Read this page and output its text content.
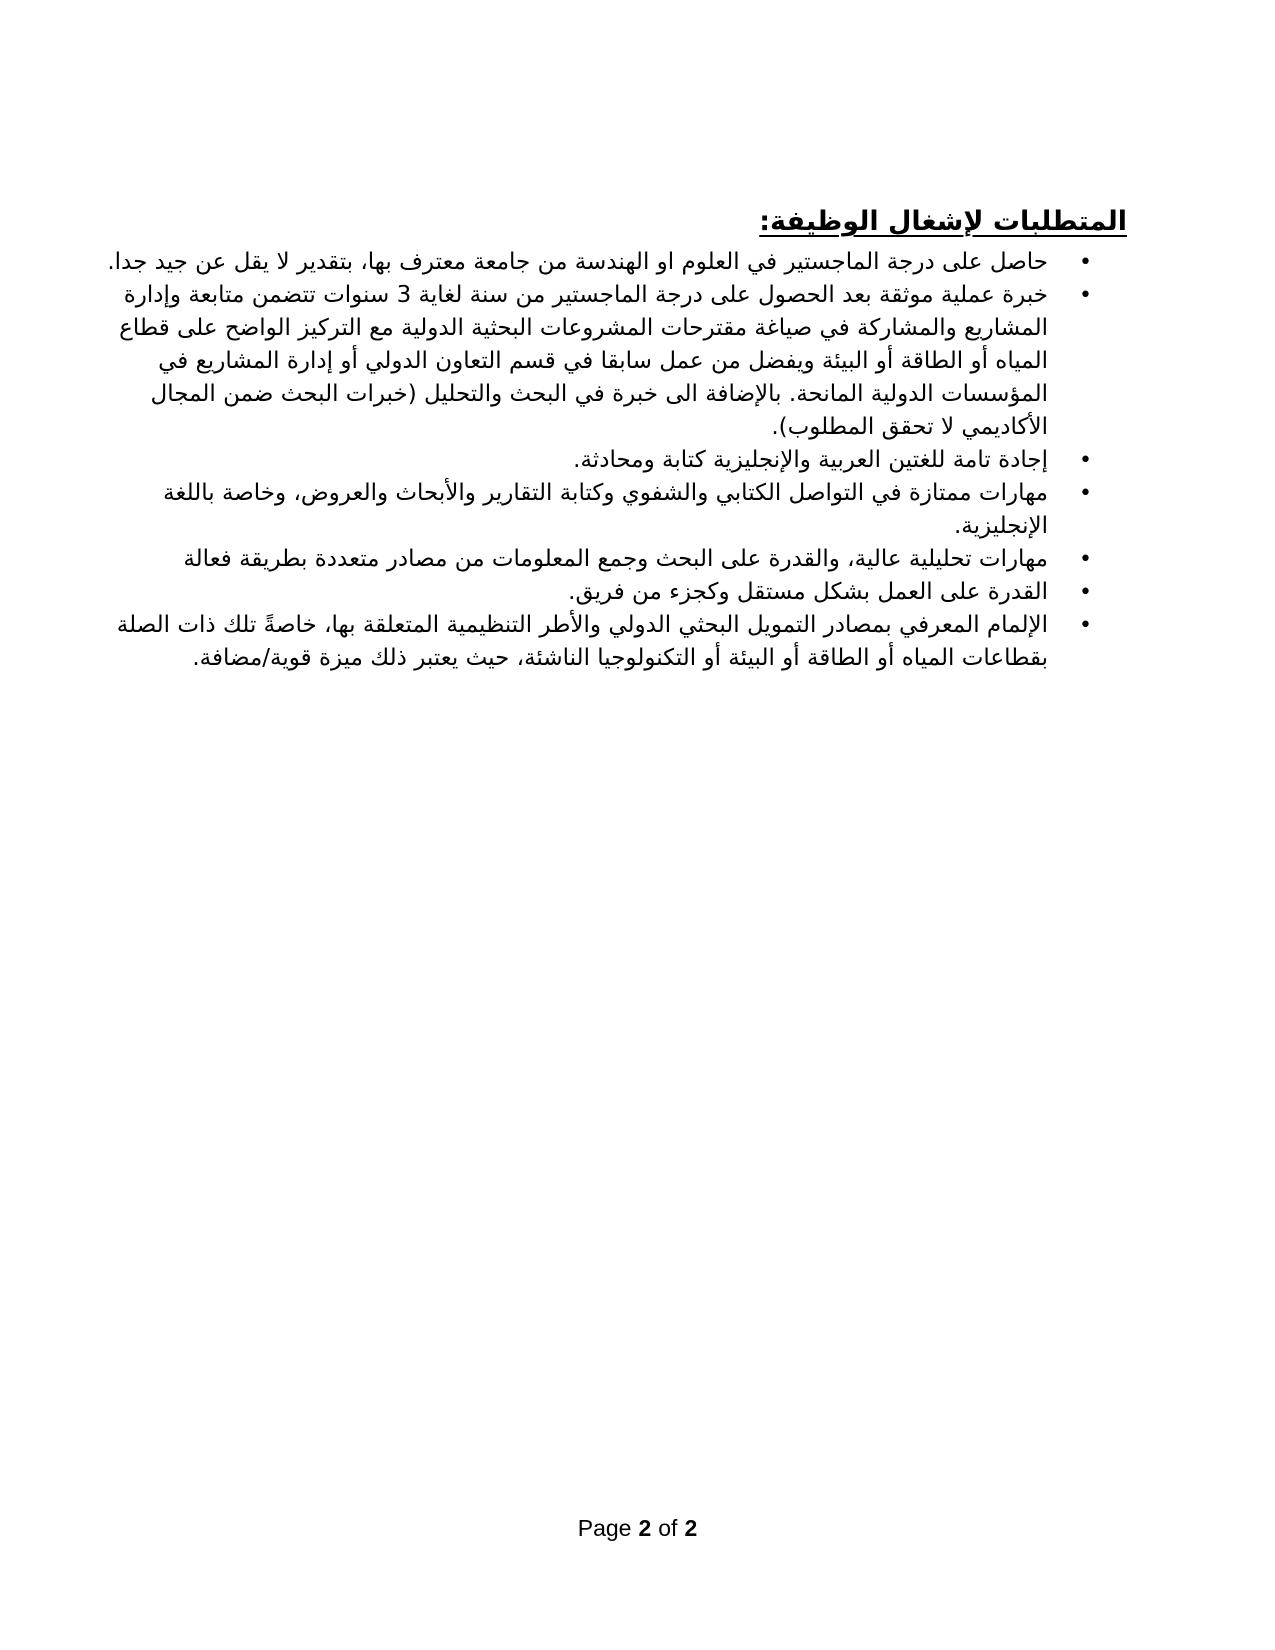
المتطلبات لإشغال الوظيفة:
•
حاصل على درجة الماجستير في العلوم او الهندسة من جامعة معترف بها، بتقدير لا يقل عن جيد جدا.
•
خبرة عملية موثقة بعد الحصول على درجة الماجستير من سنة لغاية 3 سنوات تتضمن متابعة وإدارة المشاريع والمشاركة في صياغة مقترحات المشروعات البحثية الدولية مع التركيز الواضح على قطاع المياه أو الطاقة أو البيئة ويفضل من عمل سابقا في قسم التعاون الدولي أو إدارة المشاريع في المؤسسات الدولية المانحة. بالإضافة الى خبرة في البحث والتحليل (خبرات البحث ضمن المجال الأكاديمي لا تحقق المطلوب).
•
إجادة تامة للغتين العربية والإنجليزية كتابة ومحادثة.
•
مهارات ممتازة في التواصل الكتابي والشفوي وكتابة التقارير والأبحاث والعروض، وخاصة باللغة الإنجليزية.
•
مهارات تحليلية عالية، والقدرة على البحث وجمع المعلومات من مصادر متعددة بطريقة فعالة
•
القدرة على العمل بشكل مستقل وكجزء من فريق.
•
الإلمام المعرفي بمصادر التمويل البحثي الدولي والأطر التنظيمية المتعلقة بها، خاصةً تلك ذات الصلة بقطاعات المياه أو الطاقة أو البيئة أو التكنولوجيا الناشئة، حيث يعتبر ذلك ميزة قوية/مضافة.
Page 2 of 2
